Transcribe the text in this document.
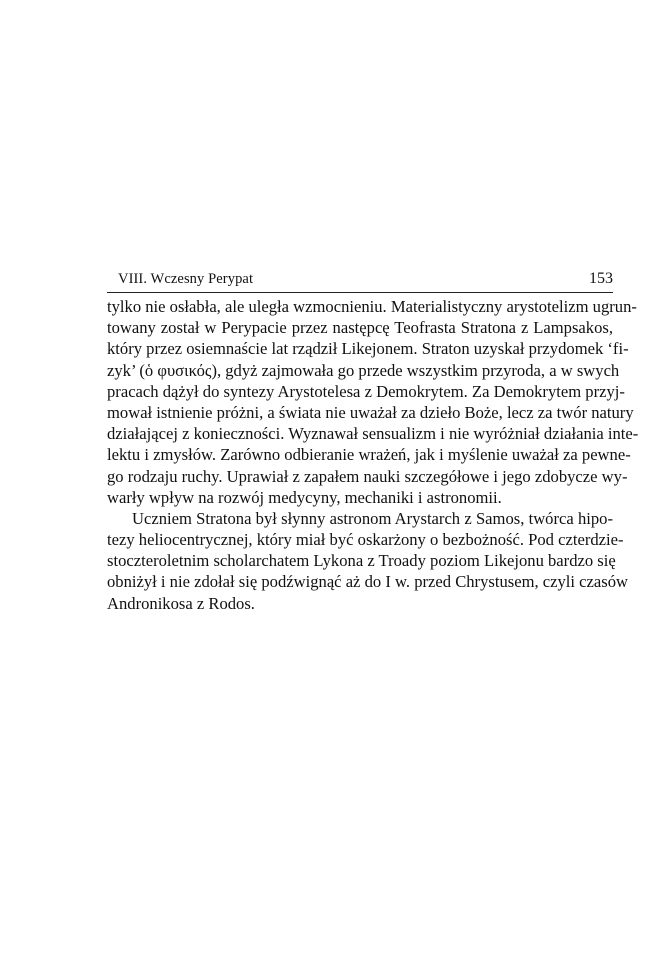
VIII. Wczesny Perypat	153
tylko nie osłabła, ale uległa wzmocnieniu. Materialistyczny arystotelizm ugrun-
towany został w Perypacie przez następcę Teofrasta Stratona z Lampsakos,
który przez osiemnaście lat rządził Likejonem. Straton uzyskał przydomek ‘fi-
zyk’ (ὁ φυσικός), gdyż zajmowała go przede wszystkim przyroda, a w swych
pracach dążył do syntezy Arystotelesa z Demokrytem. Za Demokrytem przyj-
mował istnienie próżni, a świata nie uważał za dzieło Boże, lecz za twór natury
działającej z konieczności. Wyznawał sensualizm i nie wyróżniał działania inte-
lektu i zmysłów. Zarówno odbieranie wrażeń, jak i myślenie uważał za pewne-
go rodzaju ruchy. Uprawiał z zapałem nauki szczegółowe i jego zdobycze wy-
warły wpływ na rozwój medycyny, mechaniki i astronomii.
Uczniem Stratona był słynny astronom Arystarch z Samos, twórca hipo-
tezy heliocentrycznej, który miał być oskarżony o bezbożność. Pod czterdzie-
stoczteroletnim scholarchatem Lykona z Troady poziom Likejonu bardzo się
obniżył i nie zdołał się podźwignąć aż do I w. przed Chrystusem, czyli czasów
Andronikosa z Rodos.
